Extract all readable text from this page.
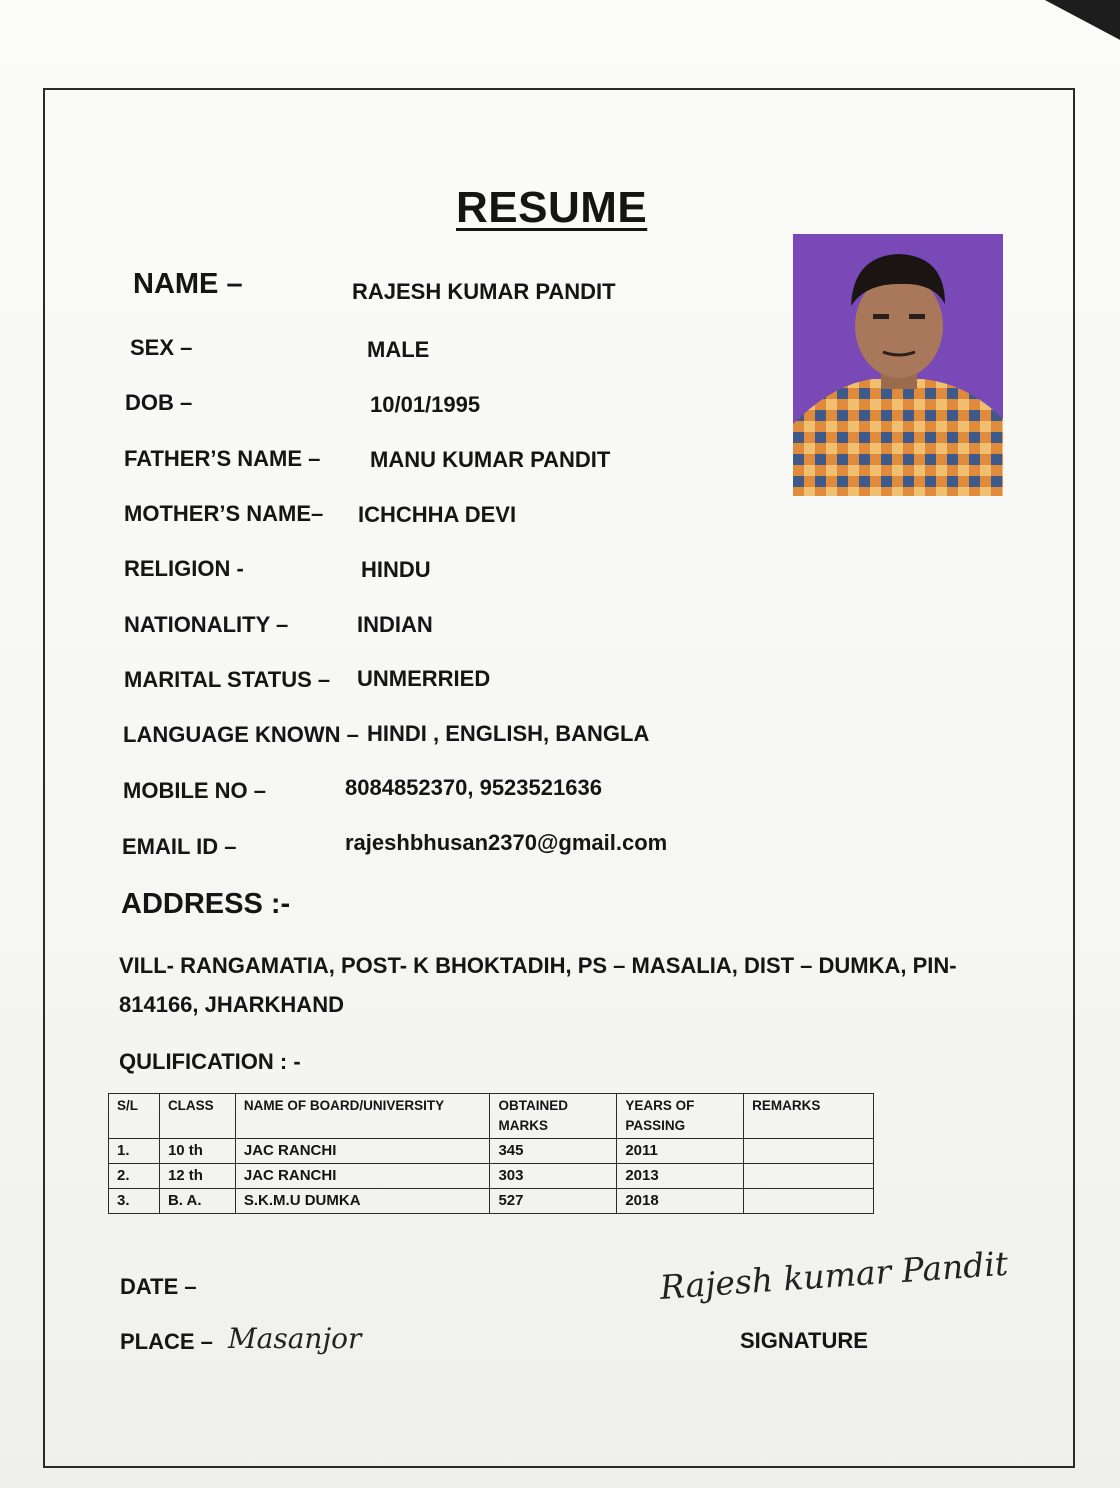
RESUME
NAME –	RAJESH KUMAR PANDIT
SEX –	MALE
DOB –	10/01/1995
FATHER’S NAME – MANU KUMAR PANDIT
MOTHER’S NAME– ICHCHHA DEVI
RELIGION -	HINDU
NATIONALITY –	INDIAN
MARITAL STATUS – UNMERRIED
LANGUAGE KNOWN – HINDI , ENGLISH, BANGLA
MOBILE NO –	8084852370, 9523521636
EMAIL ID –	rajeshbhusan2370@gmail.com
ADDRESS :-
VILL- RANGAMATIA, POST- K BHOKTADIH, PS – MASALIA, DIST – DUMKA, PIN-
814166, JHARKHAND
QULIFICATION : -
S/L	CLASS	NAME OF BOARD/UNIVERSITY	OBTAINED MARKS	YEARS OF PASSING	REMARKS
1.	10 th	JAC RANCHI	345	2011	
2.	12 th	JAC RANCHI	303	2013	
3.	B. A.	S.K.M.U DUMKA	527	2018	
DATE –
PLACE – Masanjor
Rajesh kumar Pandit
SIGNATURE
